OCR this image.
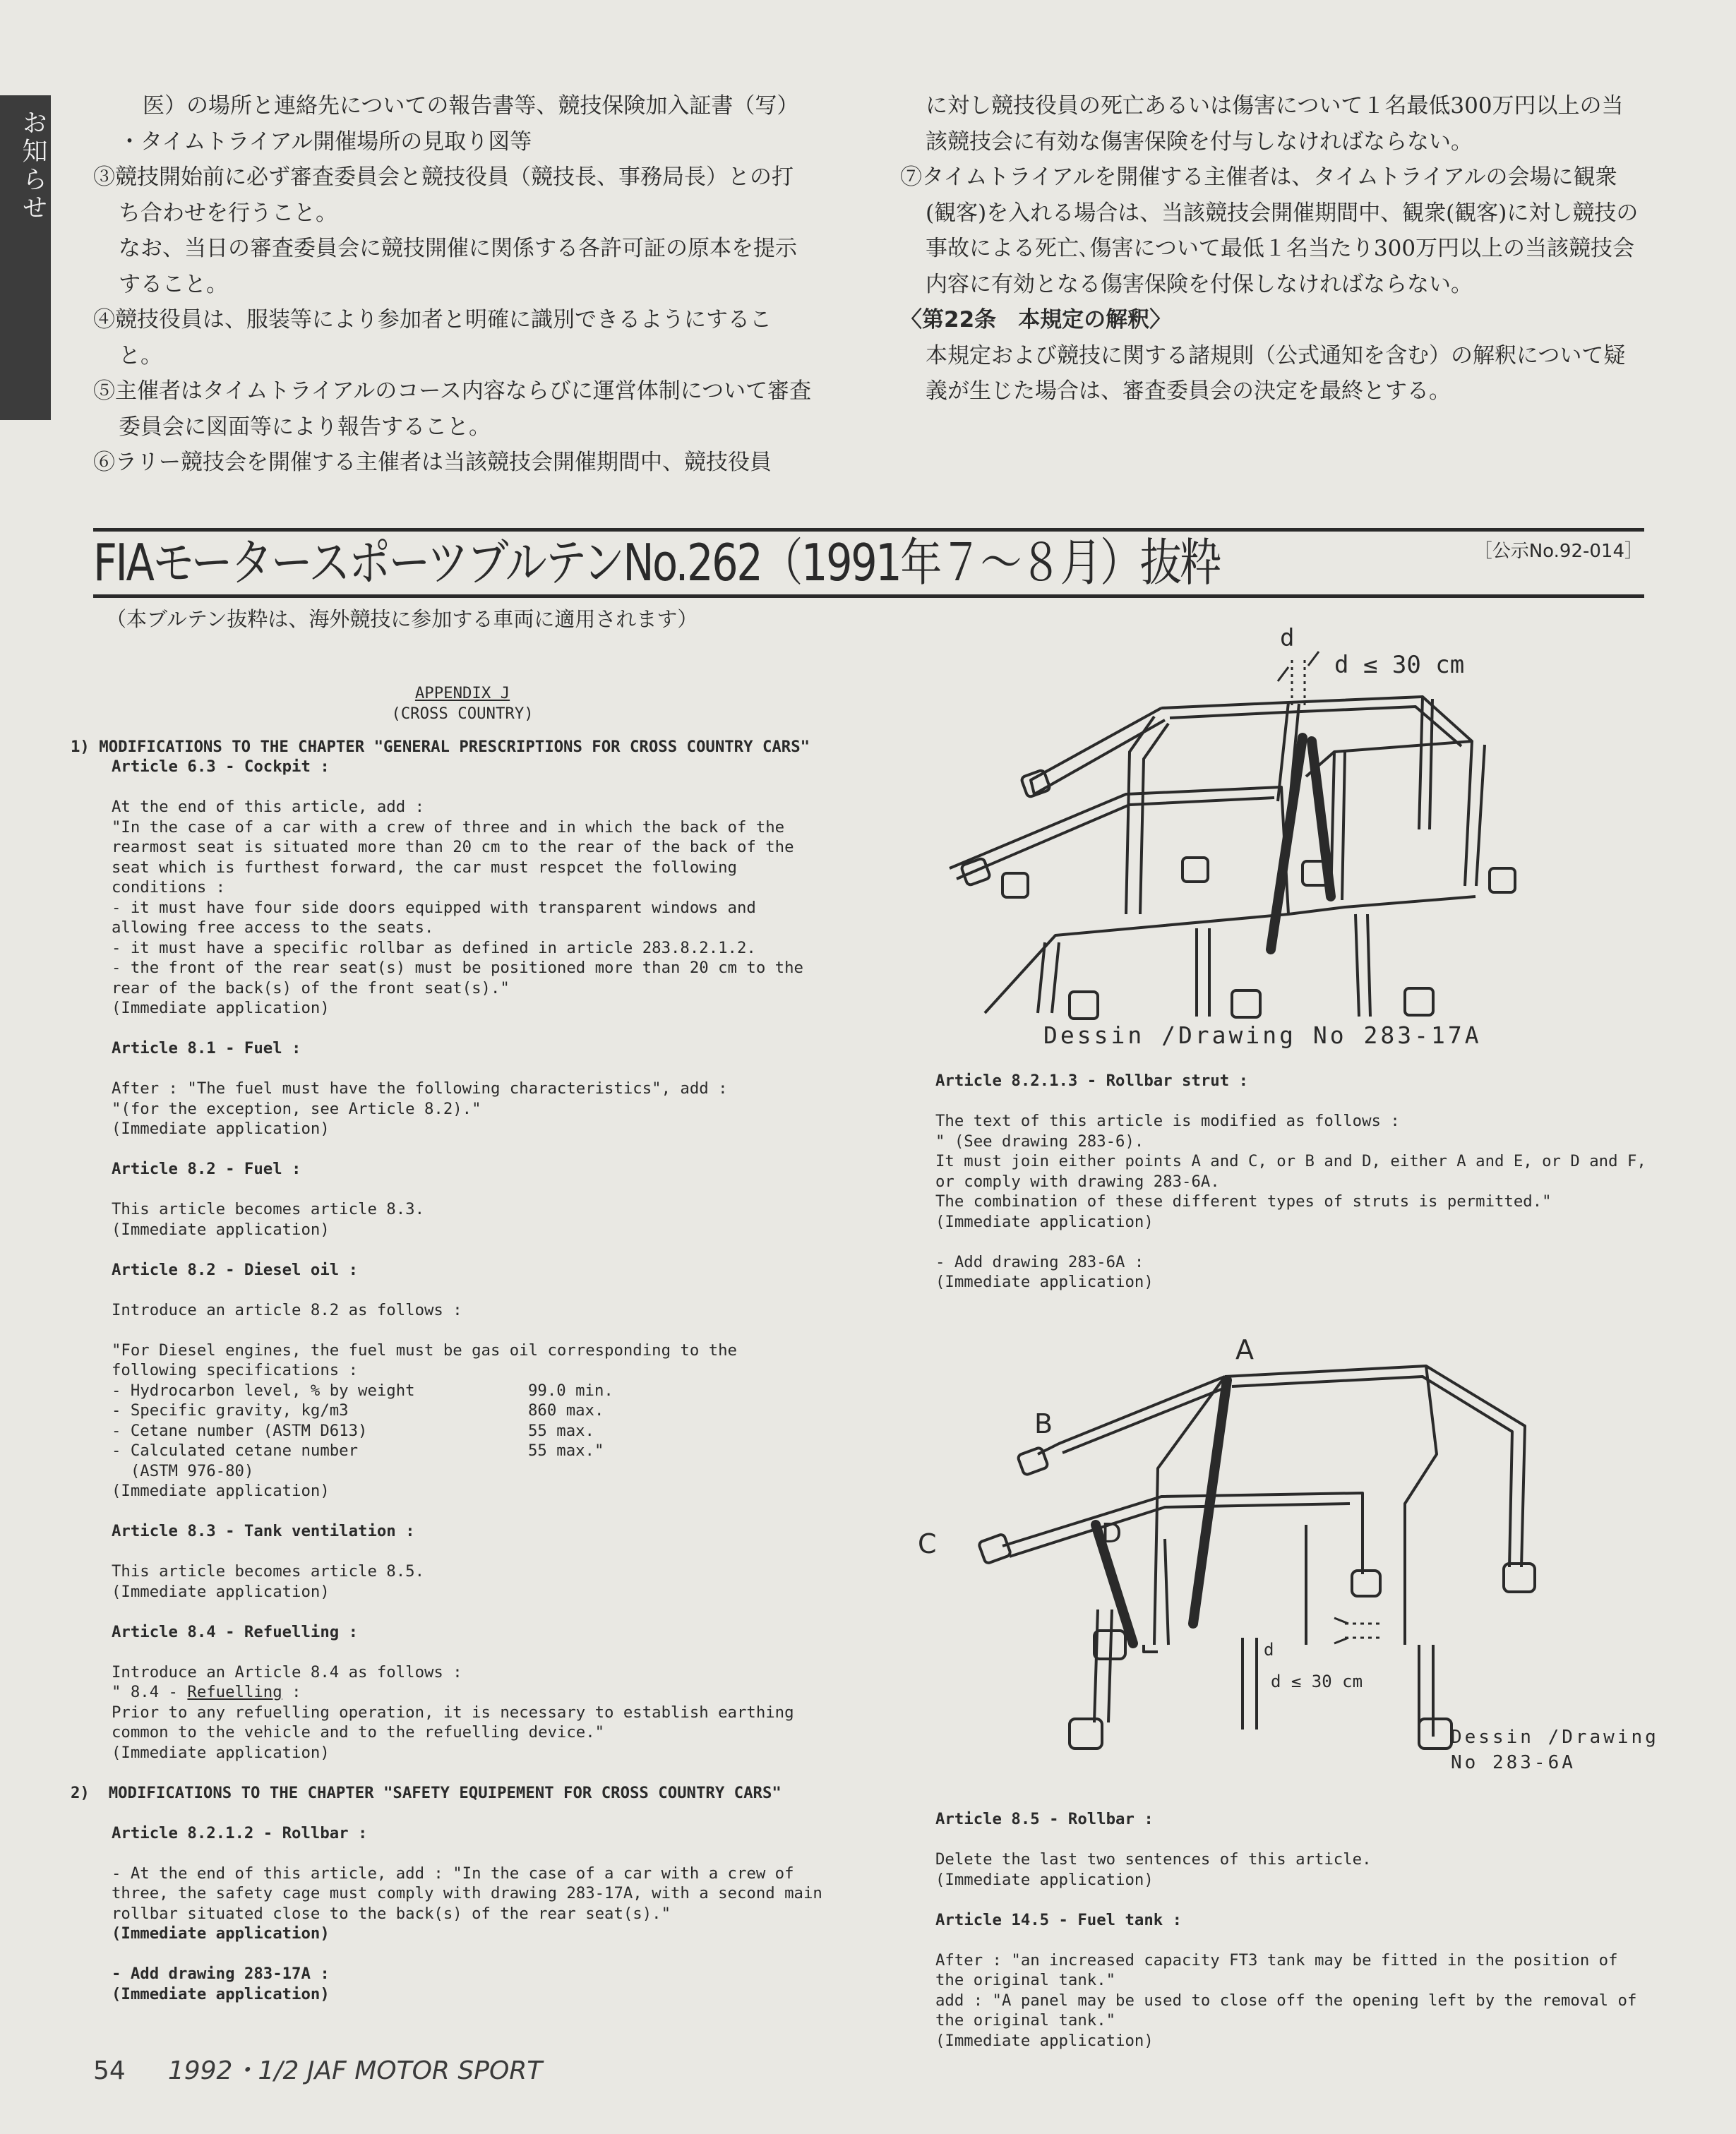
お知らせ

医）の場所と連絡先についての報告書等、競技保険加入証書（写）

・タイムトライアル開催場所の見取り図等

③競技開始前に必ず審査委員会と競技役員（競技長、事務局長）との打ち合わせを行うこと。

なお、当日の審査委員会に競技開催に関係する各許可証の原本を提示すること。

④競技役員は、服装等により参加者と明確に識別できるようにすること。

⑤主催者はタイムトライアルのコース内容ならびに運営体制について審査委員会に図面等により報告すること。

⑥ラリー競技会を開催する主催者は当該競技会開催期間中、競技役員

に対し競技役員の死亡あるいは傷害について１名最低300万円以上の当該競技会に有効な傷害保険を付与しなければならない。

⑦タイムトライアルを開催する主催者は、タイムトライアルの会場に観衆(観客)を入れる場合は、当該競技会開催期間中、観衆(観客)に対し競技の事故による死亡､傷害について最低１名当たり300万円以上の当該競技会内容に有効となる傷害保険を付保しなければならない。

〈第22条　本規定の解釈〉

本規定および競技に関する諸規則（公式通知を含む）の解釈について疑義が生じた場合は、審査委員会の決定を最終とする。

FIAモータースポーツブルテンNo.262（1991年７～８月）抜粋	［公示No.92-014］
（本ブルテン抜粋は、海外競技に参加する車両に適用されます）
APPENDIX J

(CROSS COUNTRY)

1) MODIFICATIONS TO THE CHAPTER "GENERAL PRESCRIPTIONS FOR CROSS COUNTRY CARS"

Article 6.3 - Cockpit :

At the end of this article, add :
"In the case of a car with a crew of three and in which the back of the rearmost seat is situated more than 20 cm to the rear of the back of the seat which is furthest forward, the car must respcet the following conditions :
- it must have four side doors equipped with transparent windows and allowing free access to the seats.
- it must have a specific rollbar as defined in article 283.8.2.1.2.
- the front of the rear seat(s) must be positioned more than 20 cm to the rear of the back(s) of the front seat(s)."
(Immediate application)

Article 8.1 - Fuel :

After : "The fuel must have the following characteristics", add :
"(for the exception, see Article 8.2)."
(Immediate application)

Article 8.2 - Fuel :

This article becomes article 8.3.
(Immediate application)

Article 8.2 - Diesel oil :

Introduce an article 8.2 as follows :

"For Diesel engines, the fuel must be gas oil corresponding to the following specifications :
- Hydrocarbon level, % by weight	99.0 min.
- Specific gravity, kg/m3	860 max.
- Cetane number (ASTM D613)	55 max.
- Calculated cetane number	55 max."

(ASTM 976-80)
(Immediate application)

Article 8.3 - Tank ventilation :

This article becomes article 8.5.
(Immediate application)

Article 8.4 - Refuelling :

Introduce an Article 8.4 as follows :
" 8.4 - Refuelling :

Prior to any refuelling operation, it is necessary to establish earthing common to the vehicle and to the refuelling device."
(Immediate application)

2)  MODIFICATIONS TO THE CHAPTER "SAFETY EQUIPEMENT FOR CROSS COUNTRY CARS"

Article 8.2.1.2 - Rollbar :

- At the end of this article, add : "In the case of a car with a crew of three, the safety cage must comply with drawing 283-17A, with a second main rollbar situated close to the back(s) of the rear seat(s)."

(Immediate application)

- Add drawing 283-17A :
(Immediate application)
d
d ≤ 30 cm
Dessin /Drawing No 283-17A

Article 8.2.1.3 - Rollbar strut :

The text of this article is modified as follows :
" (See drawing 283-6).
It must join either points A and C, or B and D, either A and E, or D and F, or comply with drawing 283-6A.
The combination of these different types of struts is permitted."
(Immediate application)

- Add drawing 283-6A :
(Immediate application)

A
B
C	D
d
d ≤ 30 cm
Dessin /Drawing
No 283-6A

Article 8.5 - Rollbar :

Delete the last two sentences of this article.
(Immediate application)

Article 14.5 - Fuel tank :

After : "an increased capacity FT3 tank may be fitted in the position of the original tank."
add : "A panel may be used to close off the opening left by the removal of the original tank."
(Immediate application)

54 1992・1/2 JAF MOTOR SPORT
